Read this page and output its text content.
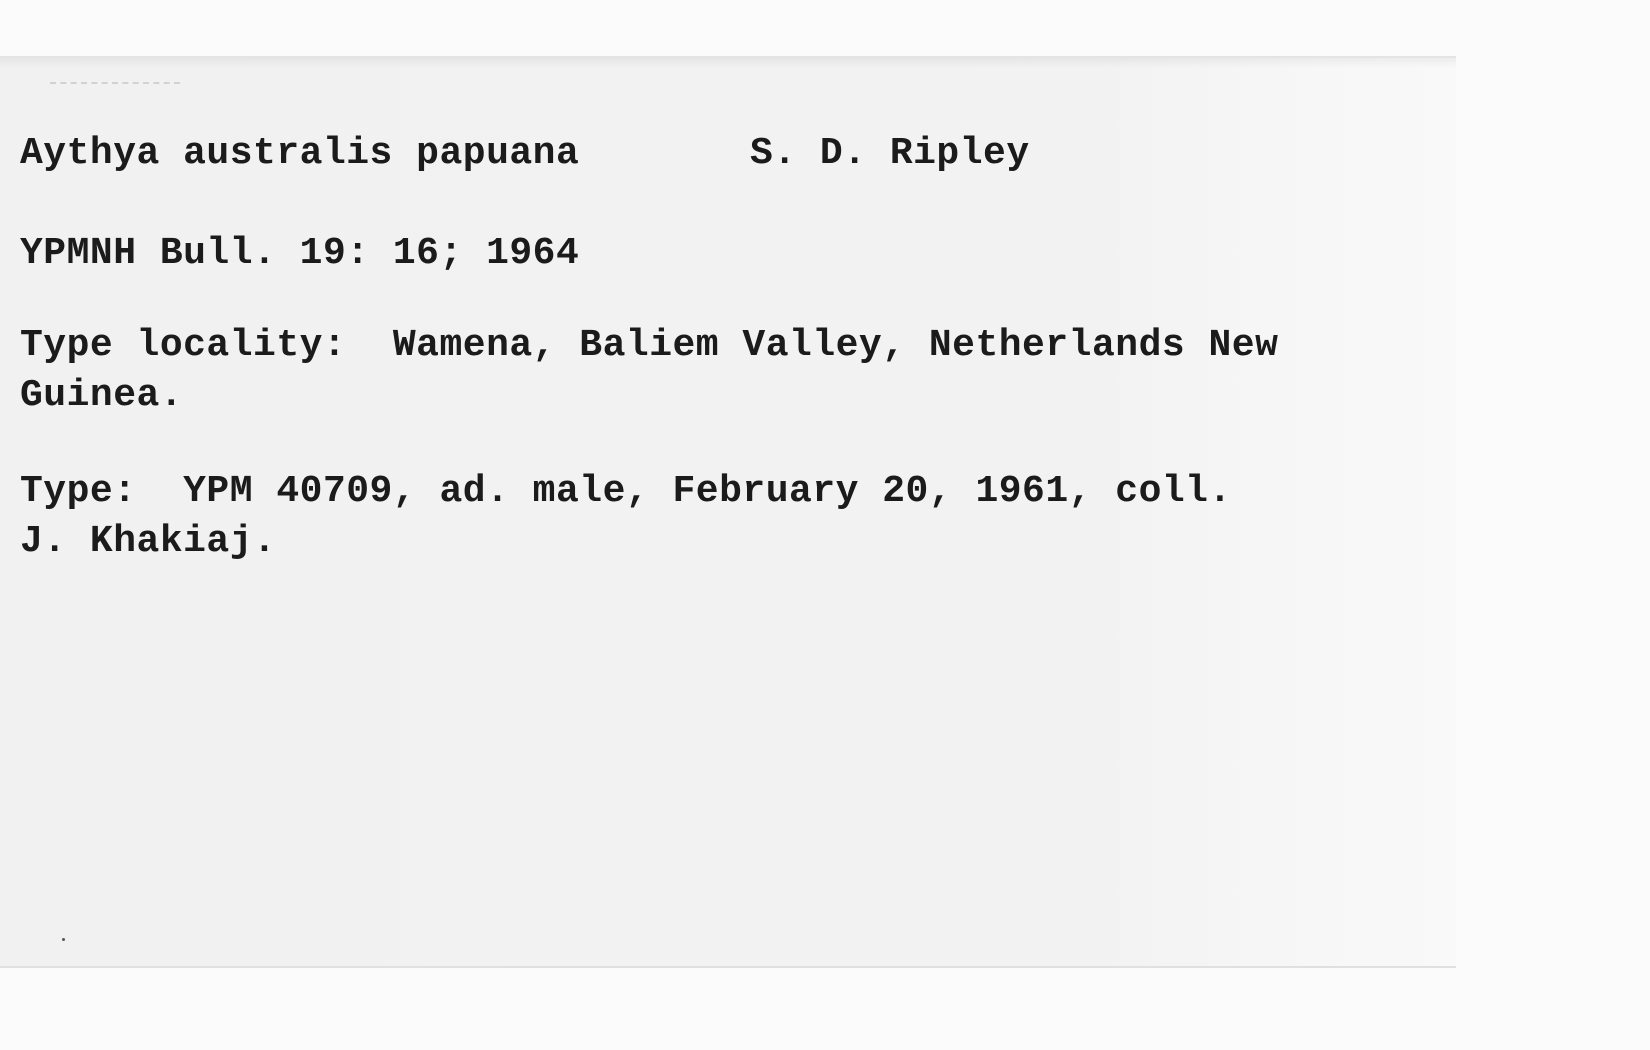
Aythya australis papuana	S. D. Ripley

YPMNH Bull. 19: 16; 1964

Type locality:  Wamena, Baliem Valley, Netherlands New

Guinea.

Type:  YPM 40709, ad. male, February 20, 1961, coll.

J. Khakiaj.
